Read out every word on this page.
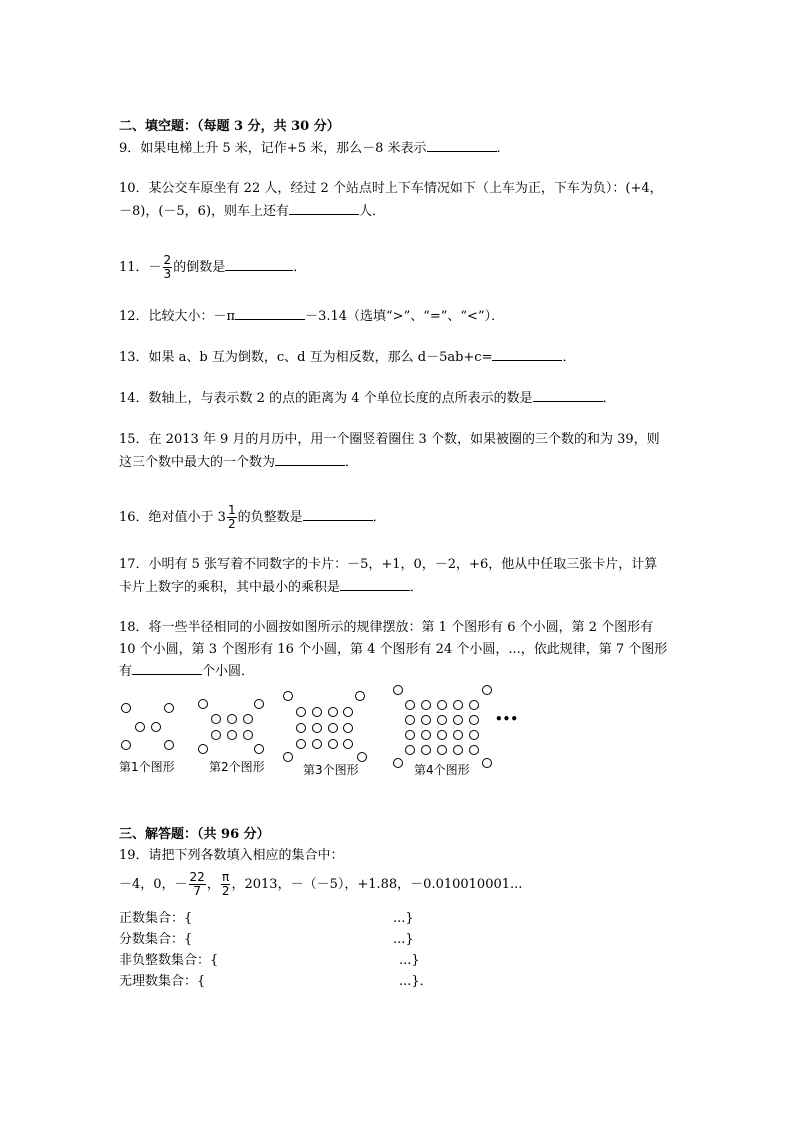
二、填空题：（每题 3 分，共 30 分）
9．如果电梯上升 5 米，记作+5 米，那么－8 米表示	．
10．某公交车原坐有 22 人，经过 2 个站点时上下车情况如下（上车为正，下车为负）：(+4，
－8)，(－5，6)，则车上还有	人．
11．－ $\frac{2}{3}$ 的倒数是	．
12．比较大小：－π	－3.14（选填“>”、“=”、“<”）．
13．如果 a、b 互为倒数，c、d 互为相反数，那么 d－5ab+c=	．
14．数轴上，与表示数 2 的点的距离为 4 个单位长度的点所表示的数是	．
15．在 2013 年 9 月的月历中，用一个圈竖着圈住 3 个数，如果被圈的三个数的和为 39，则
这三个数中最大的一个数为	．
16．绝对值小于 $3 \frac{1}{2}$ 的负整数是	．
17．小明有 5 张写着不同数字的卡片：－5，+1，0，－2，+6，他从中任取三张卡片，计算
卡片上数字的乘积，其中最小的乘积是	．
18．将一些半径相同的小圆按如图所示的规律摆放：第 1 个图形有 6 个小圆，第 2 个图形有
10 个小圆，第 3 个图形有 16 个小圆，第 4 个图形有 24 个小圆，...，依此规律，第 7 个图形
有	个小圆．
•••
第1个图形	第2个图形	第3个图形	第4个图形
三、解答题：（共 96 分）
19．请把下列各数填入相应的集合中：
－4，0，－ $\frac{22}{7}$ ， $\frac{\pi}{2}$ ，2013，－（－5），+1.88，－0.010010001...
正数集合：{	...}
分数集合：{	...}
非负整数集合：{	...}
无理数集合：{	...}．
